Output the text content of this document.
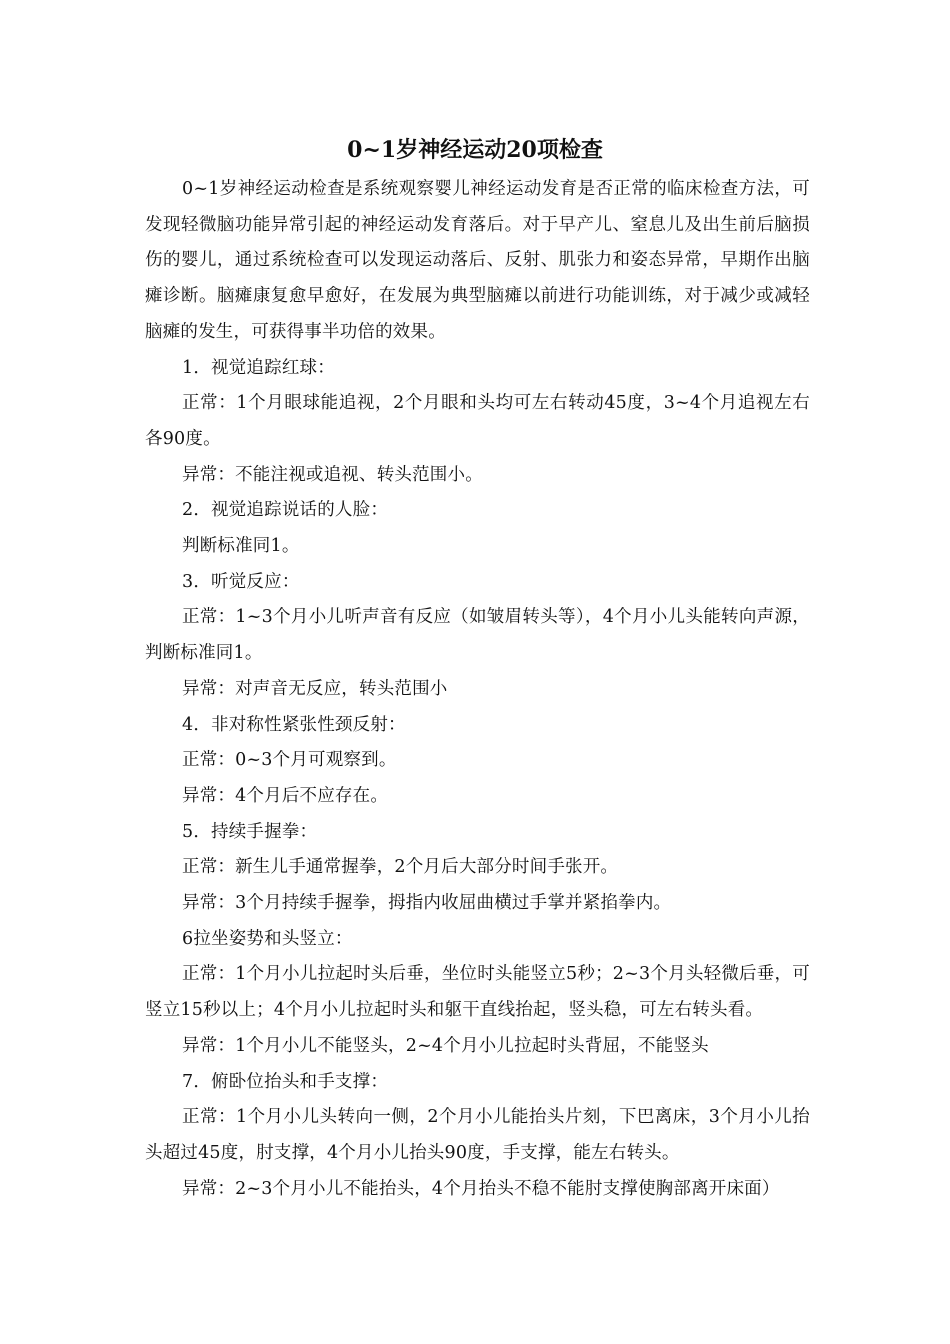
0~1岁神经运动20项检查

0~1岁神经运动检查是系统观察婴儿神经运动发育是否正常的临床检查方法，可发现轻微脑功能异常引起的神经运动发育落后。对于早产儿、窒息儿及出生前后脑损伤的婴儿，通过系统检查可以发现运动落后、反射、肌张力和姿态异常，早期作出脑瘫诊断。脑瘫康复愈早愈好，在发展为典型脑瘫以前进行功能训练，对于减少或减轻脑瘫的发生，可获得事半功倍的效果。

1．视觉追踪红球：

正常：1个月眼球能追视，2个月眼和头均可左右转动45度，3~4个月追视左右各90度。

异常：不能注视或追视、转头范围小。

2．视觉追踪说话的人脸：

判断标准同1。

3．听觉反应：

正常：1~3个月小儿听声音有反应（如皱眉转头等），4个月小儿头能转向声源，判断标准同1。

异常：对声音无反应，转头范围小

4．非对称性紧张性颈反射：

正常：0~3个月可观察到。

异常：4个月后不应存在。

5．持续手握拳：

正常：新生儿手通常握拳，2个月后大部分时间手张开。

异常：3个月持续手握拳，拇指内收屈曲横过手掌并紧掐拳内。

6拉坐姿势和头竖立：

正常：1个月小儿拉起时头后垂，坐位时头能竖立5秒；2~3个月头轻微后垂，可竖立15秒以上；4个月小儿拉起时头和躯干直线抬起，竖头稳，可左右转头看。

异常：1个月小儿不能竖头，2~4个月小儿拉起时头背屈，不能竖头

7．俯卧位抬头和手支撑：

正常：1个月小儿头转向一侧，2个月小儿能抬头片刻，下巴离床，3个月小儿抬头超过45度，肘支撑，4个月小儿抬头90度，手支撑，能左右转头。

异常：2~3个月小儿不能抬头，4个月抬头不稳不能肘支撑使胸部离开床面）
